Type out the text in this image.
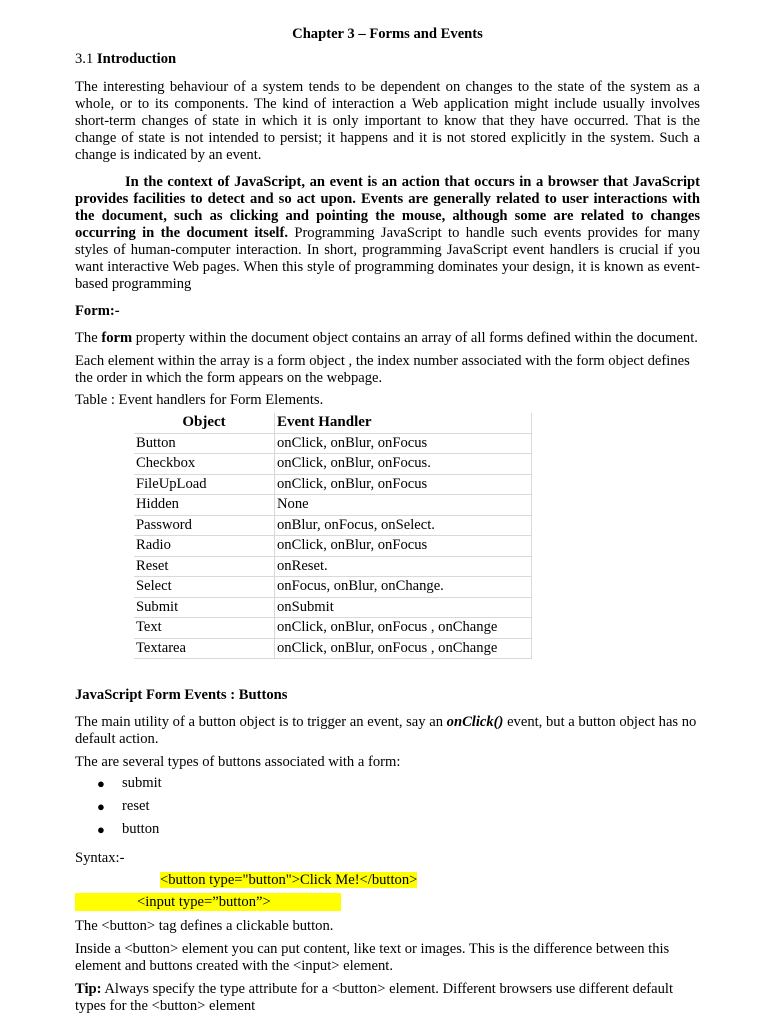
Chapter 3 – Forms and Events
3.1 Introduction

The interesting behaviour of a system tends to be dependent on changes to the state of the system as a whole, or to its components. The kind of interaction a Web application might include usually involves short-term changes of state in which it is only important to know that they have occurred. That is the change of state is not intended to persist; it happens and it is not stored explicitly in the system. Such a change is indicated by an event.

In the context of JavaScript, an event is an action that occurs in a browser that JavaScript provides facilities to detect and so act upon. Events are generally related to user interactions with the document, such as clicking and pointing the mouse, although some are related to changes occurring in the document itself. Programming JavaScript to handle such events provides for many styles of human-computer interaction. In short, programming JavaScript event handlers is crucial if you want interactive Web pages. When this style of programming dominates your design, it is known as event-based programming

Form:-

The form property within the document object contains an array of all forms defined within the document.

Each element within the array is a form object , the index number associated with the form object defines the order in which the form appears on the webpage.

Table : Event handlers for Form Elements.

Object	Event Handler
Button	onClick, onBlur, onFocus
Checkbox	onClick, onBlur, onFocus.
FileUpLoad	onClick, onBlur, onFocus
Hidden	None
Password	onBlur, onFocus, onSelect.
Radio	onClick, onBlur, onFocus
Reset	onReset.
Select	onFocus, onBlur, onChange.
Submit	onSubmit
Text	onClick, onBlur, onFocus , onChange
Textarea	onClick, onBlur, onFocus , onChange
JavaScript Form Events : Buttons

The main utility of a button object is to trigger an event, say an onClick() event, but a button object has no default action.

The are several types of buttons associated with a form:

● submit
● reset
● button

Syntax:-

<button type="button">Click Me!</button>
<input type=”button”>

The <button> tag defines a clickable button.

Inside a <button> element you can put content, like text or images. This is the difference between this element and buttons created with the <input> element.

Tip: Always specify the type attribute for a <button> element. Different browsers use different default types for the <button> element
